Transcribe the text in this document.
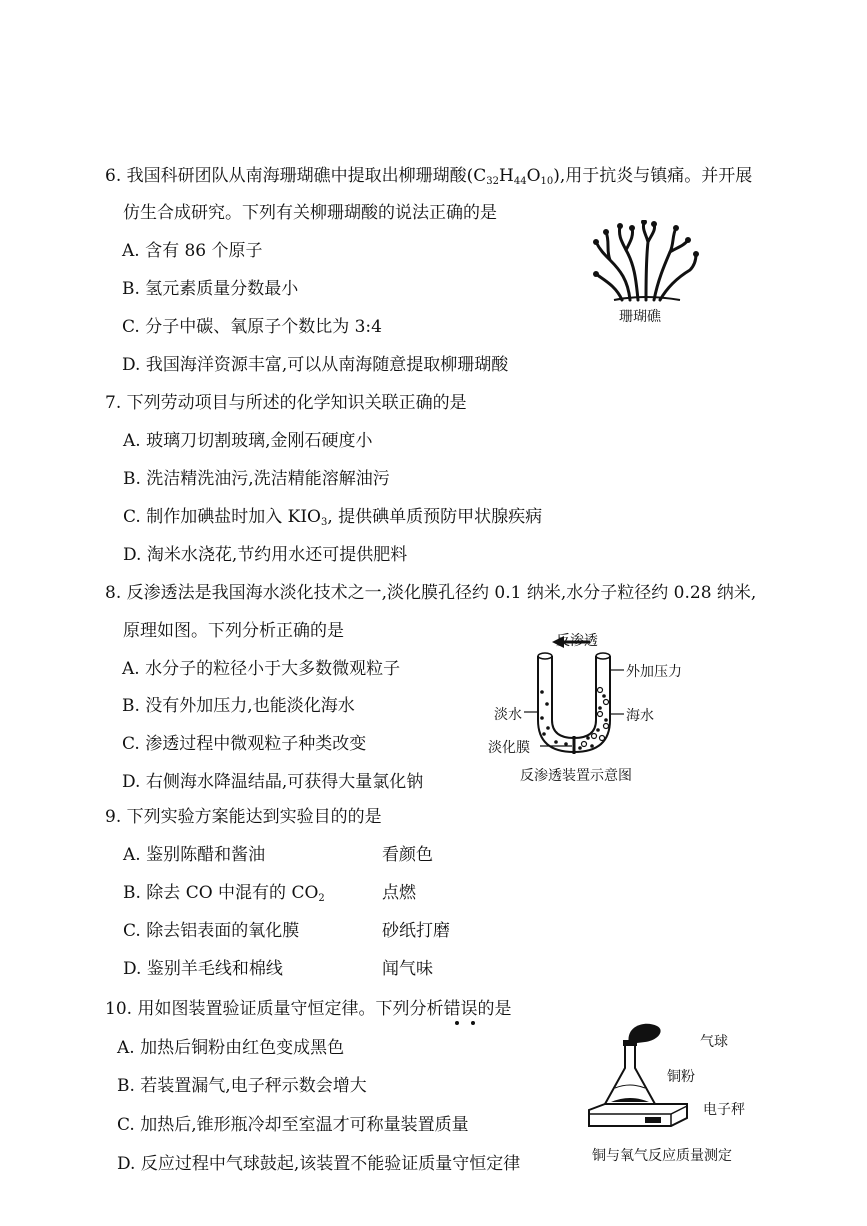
6. 我国科研团队从南海珊瑚礁中提取出柳珊瑚酸$(C_{32}H_{44}O_{10})$,用于抗炎与镇痛。并开展
仿生合成研究。下列有关柳珊瑚酸的说法正确的是
A. 含有 86 个原子
B. 氢元素质量分数最小
C. 分子中碳、氧原子个数比为 3:4
D. 我国海洋资源丰富,可以从南海随意提取柳珊瑚酸
珊瑚礁
7. 下列劳动项目与所述的化学知识关联正确的是
A. 玻璃刀切割玻璃,金刚石硬度小
B. 洗洁精洗油污,洗洁精能溶解油污
C. 制作加碘盐时加入 $KIO_3$, 提供碘单质预防甲状腺疾病
D. 淘米水浇花,节约用水还可提供肥料
8. 反渗透法是我国海水淡化技术之一,淡化膜孔径约 0.1 纳米,水分子粒径约 0.28 纳米,
原理如图。下列分析正确的是
A. 水分子的粒径小于大多数微观粒子
B. 没有外加压力,也能淡化海水
C. 渗透过程中微观粒子种类改变
D. 右侧海水降温结晶,可获得大量氯化钠
反渗透
外加压力
淡水	海水
淡化膜
反渗透装置示意图
9. 下列实验方案能达到实验目的的是
A. 鉴别陈醋和酱油	看颜色
B. 除去 CO 中混有的 $CO_2$	点燃
C. 除去铝表面的氧化膜	砂纸打磨
D. 鉴别羊毛线和棉线	闻气味
10. 用如图装置验证质量守恒定律。下列分析错误的是
A. 加热后铜粉由红色变成黑色
B. 若装置漏气,电子秤示数会增大
C. 加热后,锥形瓶冷却至室温才可称量装置质量
D. 反应过程中气球鼓起,该装置不能验证质量守恒定律
气球
铜粉
电子秤
铜与氧气反应质量测定
